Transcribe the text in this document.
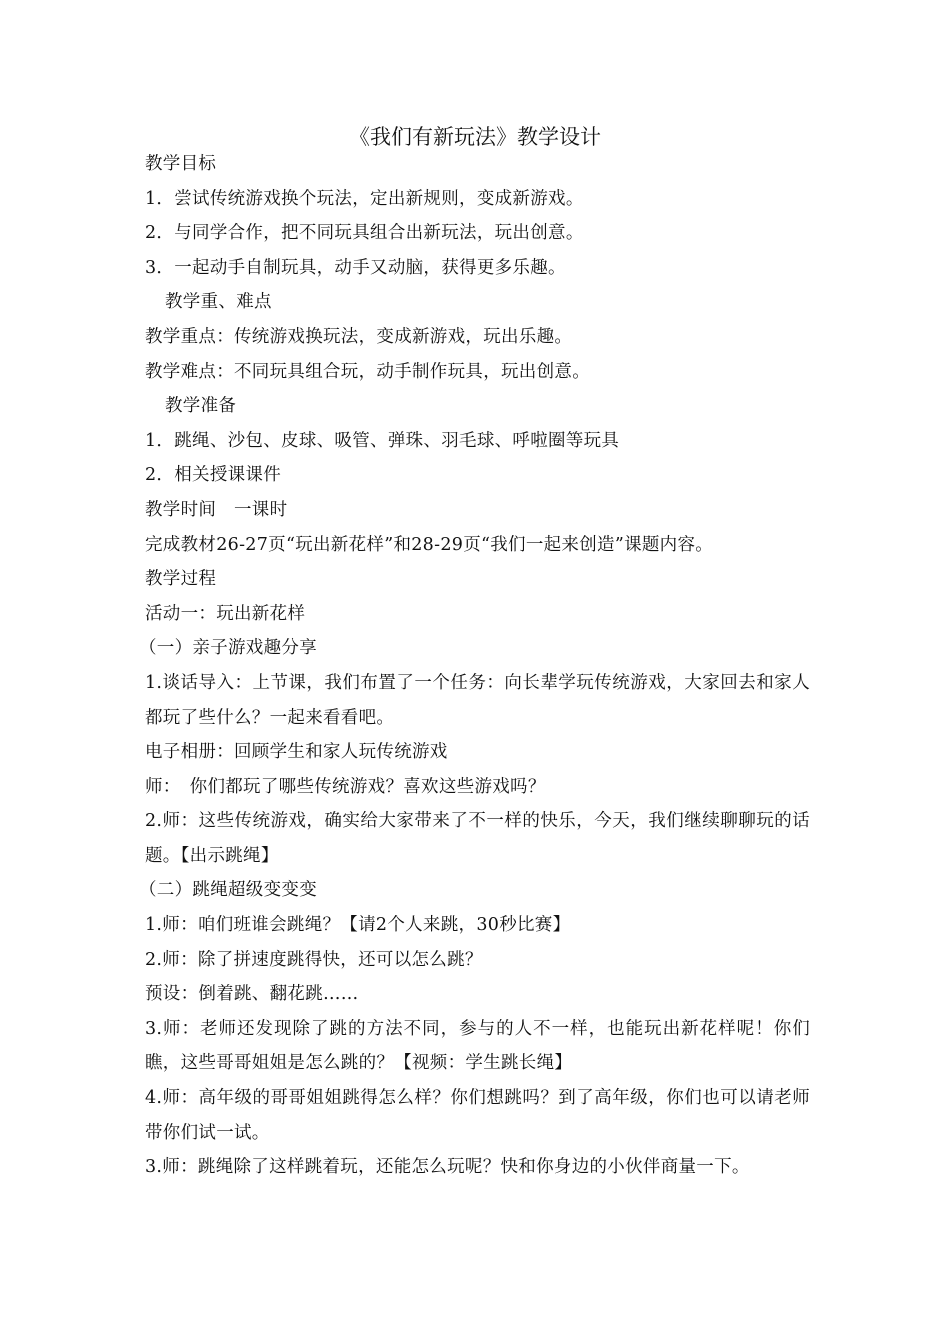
《我们有新玩法》教学设计

教学目标

1．尝试传统游戏换个玩法，定出新规则，变成新游戏。

2．与同学合作，把不同玩具组合出新玩法，玩出创意。

3．一起动手自制玩具，动手又动脑，获得更多乐趣。

教学重、难点

教学重点：传统游戏换玩法，变成新游戏，玩出乐趣。

教学难点：不同玩具组合玩，动手制作玩具，玩出创意。

教学准备

1．跳绳、沙包、皮球、吸管、弹珠、羽毛球、呼啦圈等玩具

2．相关授课课件

教学时间　一课时

完成教材26-27页“玩出新花样”和28-29页“我们一起来创造”课题内容。

教学过程

活动一：玩出新花样

（一）亲子游戏趣分享

1.谈话导入：上节课，我们布置了一个任务：向长辈学玩传统游戏，大家回去和家人都玩了些什么？一起来看看吧。

电子相册：回顾学生和家人玩传统游戏

师：　你们都玩了哪些传统游戏？喜欢这些游戏吗？

2.师：这些传统游戏，确实给大家带来了不一样的快乐，今天，我们继续聊聊玩的话题。【出示跳绳】

（二）跳绳超级变变变

1.师：咱们班谁会跳绳？【请2个人来跳，30秒比赛】

2.师：除了拼速度跳得快，还可以怎么跳？

预设：倒着跳、翻花跳……

3.师：老师还发现除了跳的方法不同，参与的人不一样，也能玩出新花样呢！你们瞧，这些哥哥姐姐是怎么跳的？【视频：学生跳长绳】

4.师：高年级的哥哥姐姐跳得怎么样？你们想跳吗？到了高年级，你们也可以请老师带你们试一试。

3.师：跳绳除了这样跳着玩，还能怎么玩呢？快和你身边的小伙伴商量一下。
